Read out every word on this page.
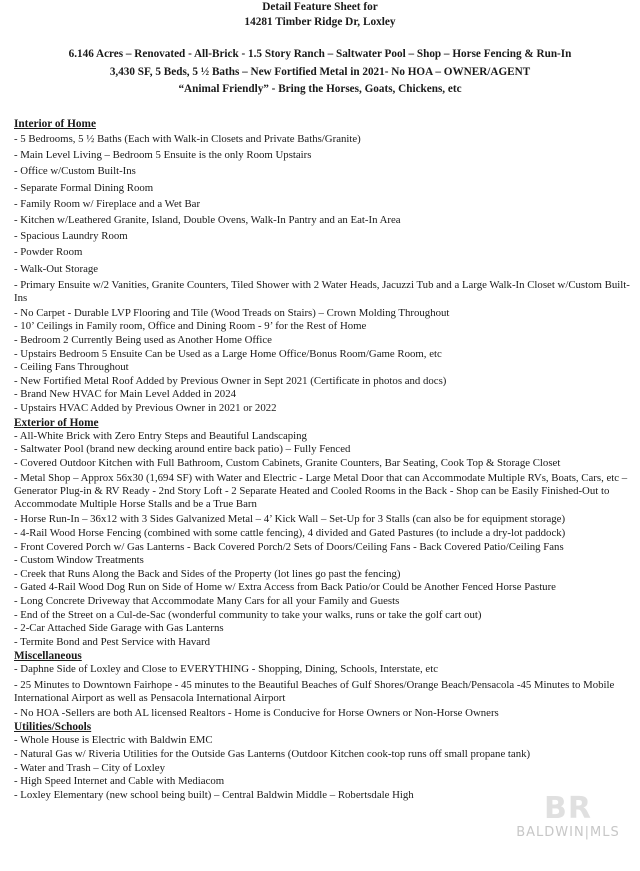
Detail Feature Sheet for
14281 Timber Ridge Dr, Loxley
6.146 Acres – Renovated - All-Brick - 1.5 Story Ranch – Saltwater Pool – Shop – Horse Fencing & Run-In
3,430 SF, 5 Beds, 5 ½ Baths – New Fortified Metal in 2021- No HOA – OWNER/AGENT
“Animal Friendly” - Bring the Horses, Goats, Chickens, etc

Interior of Home

- 5 Bedrooms, 5 ½ Baths (Each with Walk-in Closets and Private Baths/Granite)

- Main Level Living – Bedroom 5 Ensuite is the only Room Upstairs

- Office w/Custom Built-Ins

- Separate Formal Dining Room

- Family Room w/ Fireplace and a Wet Bar

- Kitchen w/Leathered Granite, Island, Double Ovens, Walk-In Pantry and an Eat-In Area

- Spacious Laundry Room

- Powder Room

- Walk-Out Storage

- Primary Ensuite w/2 Vanities, Granite Counters, Tiled Shower with 2 Water Heads, Jacuzzi Tub and a Large Walk-In Closet w/Custom Built-Ins

- No Carpet - Durable LVP Flooring and Tile (Wood Treads on Stairs) – Crown Molding Throughout

- 10’ Ceilings in Family room, Office and Dining Room - 9’ for the Rest of Home

- Bedroom 2 Currently Being used as Another Home Office

- Upstairs Bedroom 5 Ensuite Can be Used as a Large Home Office/Bonus Room/Game Room, etc

- Ceiling Fans Throughout

- New Fortified Metal Roof Added by Previous Owner in Sept 2021 (Certificate in photos and docs)

- Brand New HVAC for Main Level Added in 2024

- Upstairs HVAC Added by Previous Owner in 2021 or 2022

Exterior of Home

- All-White Brick with Zero Entry Steps and Beautiful Landscaping

- Saltwater Pool (brand new decking around entire back patio) – Fully Fenced

- Covered Outdoor Kitchen with Full Bathroom, Custom Cabinets, Granite Counters, Bar Seating, Cook Top & Storage Closet

- Metal Shop – Approx 56x30 (1,694 SF) with Water and Electric - Large Metal Door that can Accommodate Multiple RVs, Boats, Cars, etc – Generator Plug-in & RV Ready - 2nd Story Loft - 2 Separate Heated and Cooled Rooms in the Back - Shop can be Easily Finished-Out to Accommodate Multiple Horse Stalls and be a True Barn

- Horse Run-In – 36x12 with 3 Sides Galvanized Metal – 4’ Kick Wall – Set-Up for 3 Stalls (can also be for equipment storage)

- 4-Rail Wood Horse Fencing (combined with some cattle fencing), 4 divided and Gated Pastures (to include a dry-lot paddock)

- Front Covered Porch w/ Gas Lanterns - Back Covered Porch/2 Sets of Doors/Ceiling Fans - Back Covered Patio/Ceiling Fans

- Custom Window Treatments

- Creek that Runs Along the Back and Sides of the Property (lot lines go past the fencing)

- Gated 4-Rail Wood Dog Run on Side of Home w/ Extra Access from Back Patio/or Could be Another Fenced Horse Pasture

- Long Concrete Driveway that Accommodate Many Cars for all your Family and Guests

- End of the Street on a Cul-de-Sac (wonderful community to take your walks, runs or take the golf cart out)

- 2-Car Attached Side Garage with Gas Lanterns

- Termite Bond and Pest Service with Havard

Miscellaneous

- Daphne Side of Loxley and Close to EVERYTHING - Shopping, Dining, Schools, Interstate, etc

- 25 Minutes to Downtown Fairhope - 45 minutes to the Beautiful Beaches of Gulf Shores/Orange Beach/Pensacola -45 Minutes to Mobile International Airport as well as Pensacola International Airport

- No HOA -Sellers are both AL licensed Realtors - Home is Conducive for Horse Owners or Non-Horse Owners

Utilities/Schools

- Whole House is Electric with Baldwin EMC

- Natural Gas w/ Riveria Utilities for the Outside Gas Lanterns (Outdoor Kitchen cook-top runs off small propane tank)

- Water and Trash – City of Loxley

- High Speed Internet and Cable with Mediacom

- Loxley Elementary (new school being built) – Central Baldwin Middle – Robertsdale High	BR
BALDWIN|MLS
